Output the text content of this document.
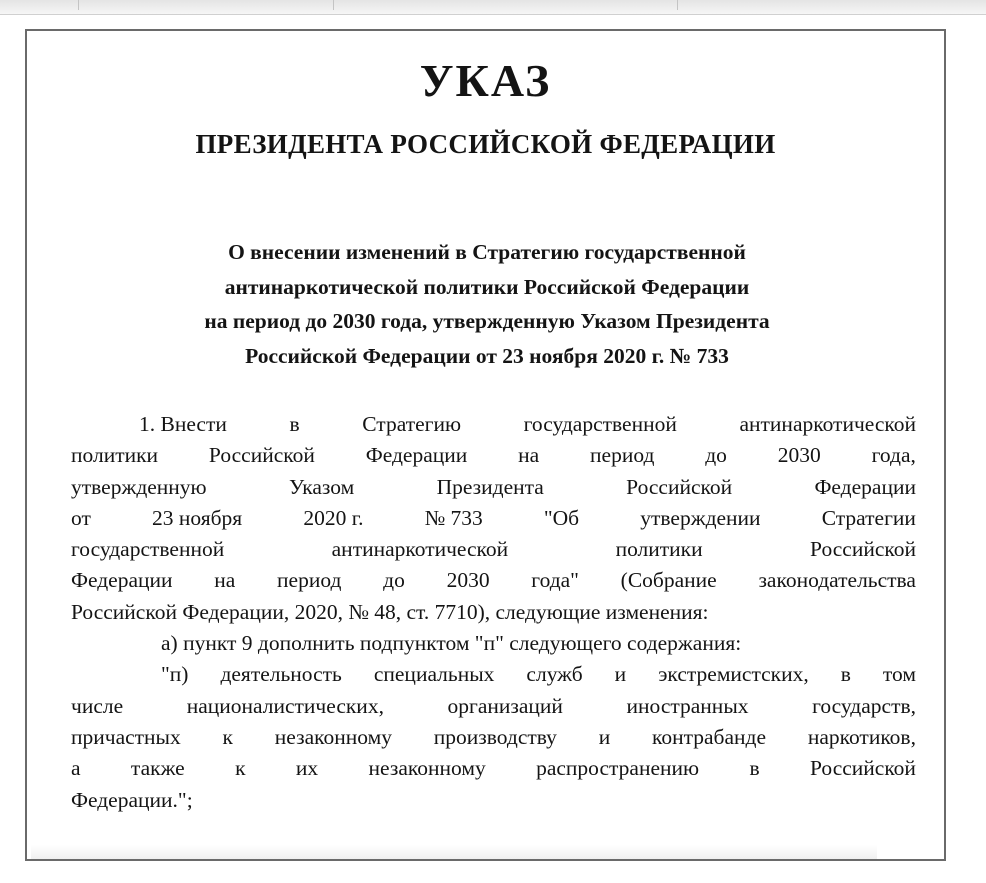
УКАЗ
ПРЕЗИДЕНТА РОССИЙСКОЙ ФЕДЕРАЦИИ
О внесении изменений в Стратегию государственной
антинаркотической политики Российской Федерации
на период до 2030 года, утвержденную Указом Президента
Российской Федерации от 23 ноября 2020 г. № 733
1. Внести	в	Стратегию	государственной	антинаркотической
политики Российской Федерации на период до 2030 года,
утвержденную	Указом	Президента	Российской	Федерации
от	23 ноября	2020 г.	№ 733	"Об	утверждении	Стратегии
государственной	антинаркотической	политики	Российской
Федерации на период до 2030 года" (Собрание законодательства
Российской Федерации, 2020, № 48, ст. 7710), следующие изменения:
а) пункт 9 дополнить подпунктом "п" следующего содержания:
"п) деятельность специальных служб и экстремистских, в том
числе	националистических,	организаций	иностранных	государств,
причастных к незаконному производству и контрабанде наркотиков,
а также к их незаконному распространению в Российской
Федерации.";
